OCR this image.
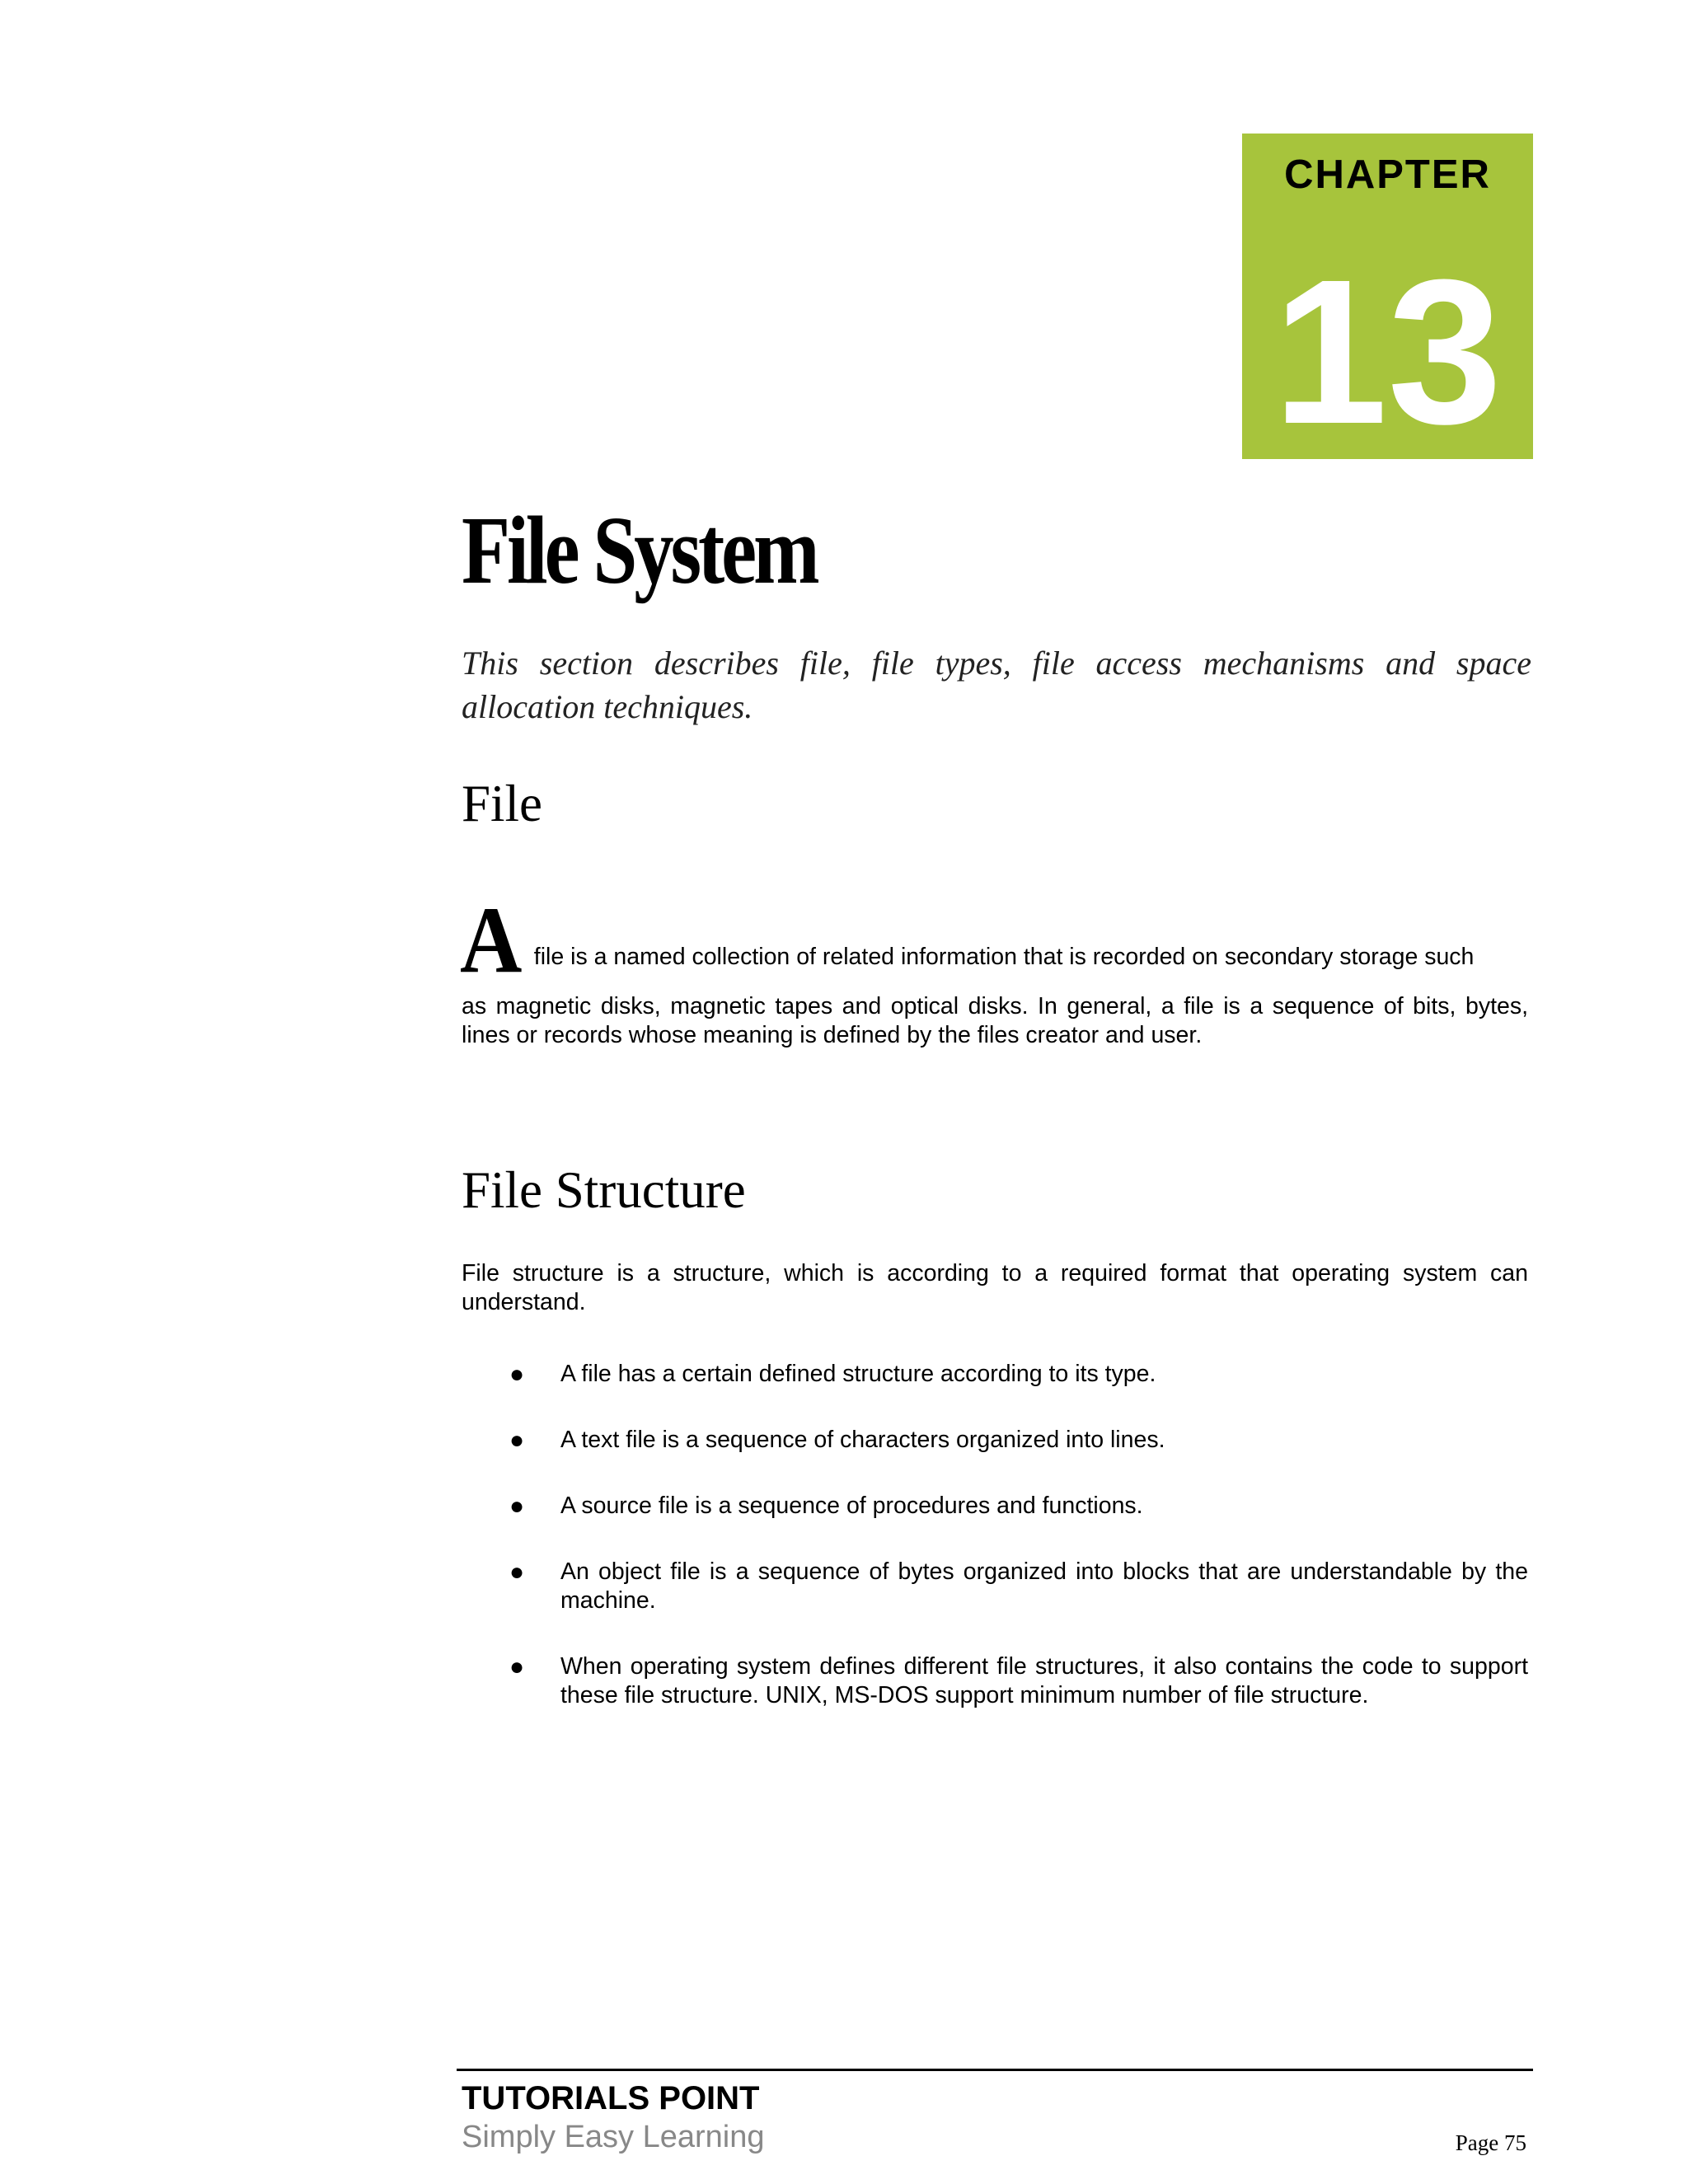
CHAPTER
13
File System
This section describes file, file types, file access mechanisms and space allocation techniques.
File
A file is a named collection of related information that is recorded on secondary storage such
as magnetic disks, magnetic tapes and optical disks. In general, a file is a sequence of bits, bytes, lines or records whose meaning is defined by the files creator and user.
File Structure
File structure is a structure, which is according to a required format that operating system can understand.
● A file has a certain defined structure according to its type.
● A text file is a sequence of characters organized into lines.
● A source file is a sequence of procedures and functions.
● An object file is a sequence of bytes organized into blocks that are understandable by the machine.
● When operating system defines different file structures, it also contains the code to support these file structure. UNIX, MS-DOS support minimum number of file structure.
TUTORIALS POINT
Simply Easy Learning	Page 75
